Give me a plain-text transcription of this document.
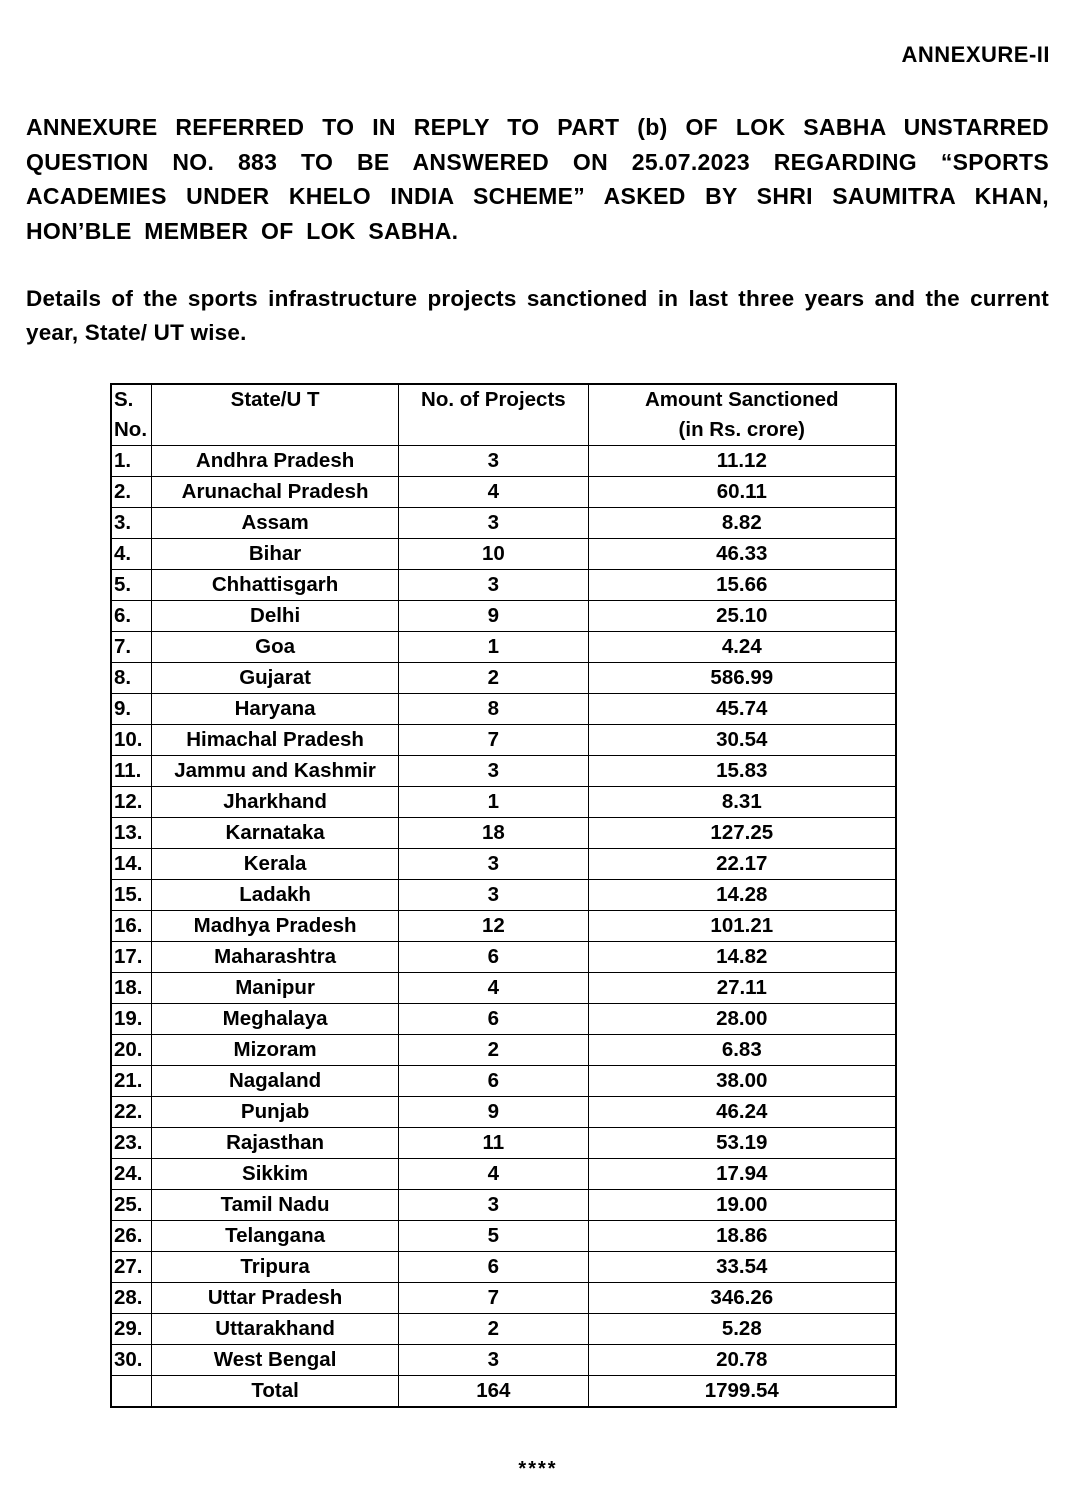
ANNEXURE-II
ANNEXURE REFERRED TO IN REPLY TO PART (b) OF LOK SABHA UNSTARRED QUESTION NO. 883 TO BE ANSWERED ON 25.07.2023 REGARDING “SPORTS ACADEMIES UNDER KHELO INDIA SCHEME” ASKED BY SHRI SAUMITRA KHAN, HON’BLE MEMBER OF LOK SABHA.
Details of the sports infrastructure projects sanctioned in last three years and the current year, State/ UT wise.
S.
No.	State/U T	No. of Projects	Amount Sanctioned
(in Rs. crore)
1.	Andhra Pradesh	3	11.12
2.	Arunachal Pradesh	4	60.11
3.	Assam	3	8.82
4.	Bihar	10	46.33
5.	Chhattisgarh	3	15.66
6.	Delhi	9	25.10
7.	Goa	1	4.24
8.	Gujarat	2	586.99
9.	Haryana	8	45.74
10.	Himachal Pradesh	7	30.54
11.	Jammu and Kashmir	3	15.83
12.	Jharkhand	1	8.31
13.	Karnataka	18	127.25
14.	Kerala	3	22.17
15.	Ladakh	3	14.28
16.	Madhya Pradesh	12	101.21
17.	Maharashtra	6	14.82
18.	Manipur	4	27.11
19.	Meghalaya	6	28.00
20.	Mizoram	2	6.83
21.	Nagaland	6	38.00
22.	Punjab	9	46.24
23.	Rajasthan	11	53.19
24.	Sikkim	4	17.94
25.	Tamil Nadu	3	19.00
26.	Telangana	5	18.86
27.	Tripura	6	33.54
28.	Uttar Pradesh	7	346.26
29.	Uttarakhand	2	5.28
30.	West Bengal	3	20.78
	Total	164	1799.54
****
